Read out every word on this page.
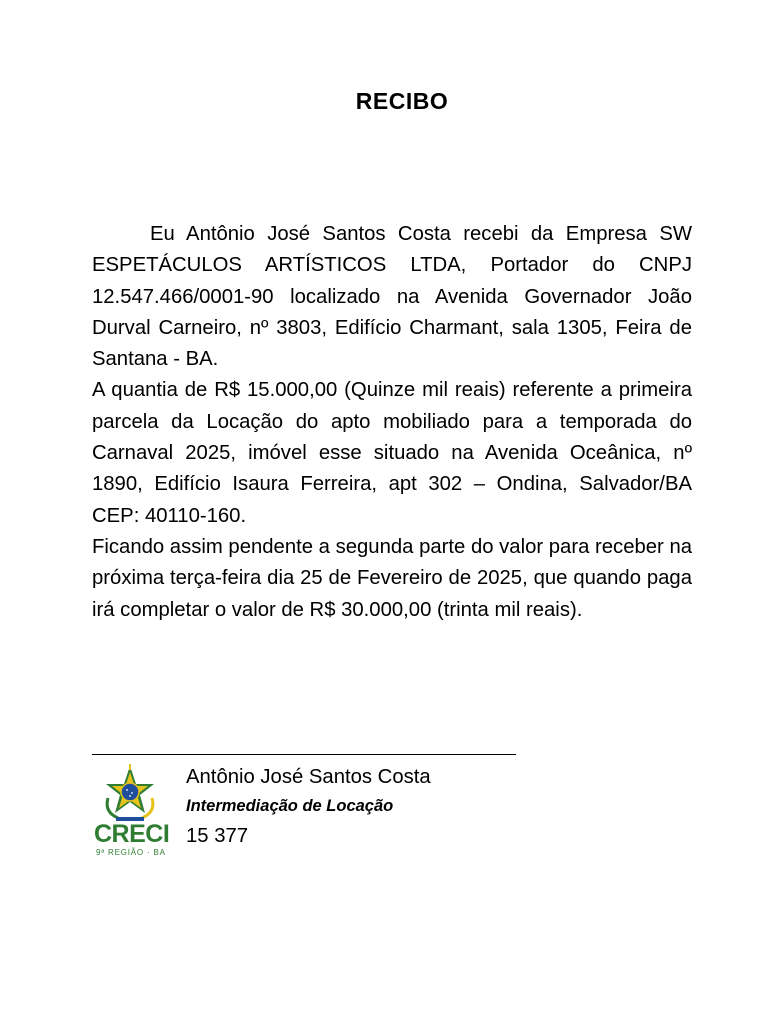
RECIBO

Eu Antônio José Santos Costa recebi da Empresa SW ESPETÁCULOS ARTÍSTICOS LTDA, Portador do CNPJ 12.547.466/0001-90 localizado na Avenida Governador João Durval Carneiro, nº 3803, Edifício Charmant, sala 1305, Feira de Santana - BA.

A quantia de R$ 15.000,00 (Quinze mil reais) referente a primeira parcela da Locação do apto mobiliado para a temporada do Carnaval 2025, imóvel esse situado na Avenida Oceânica, nº 1890, Edifício Isaura Ferreira, apt 302 – Ondina, Salvador/BA CEP: 40110-160.

Ficando assim pendente a segunda parte do valor para receber na próxima terça-feira dia 25 de Fevereiro de 2025, que quando paga irá completar o valor de R$ 30.000,00 (trinta mil reais).

CRECI
9ª REGIÃO · BA
Antônio José Santos Costa
Intermediação de Locação
15 377
